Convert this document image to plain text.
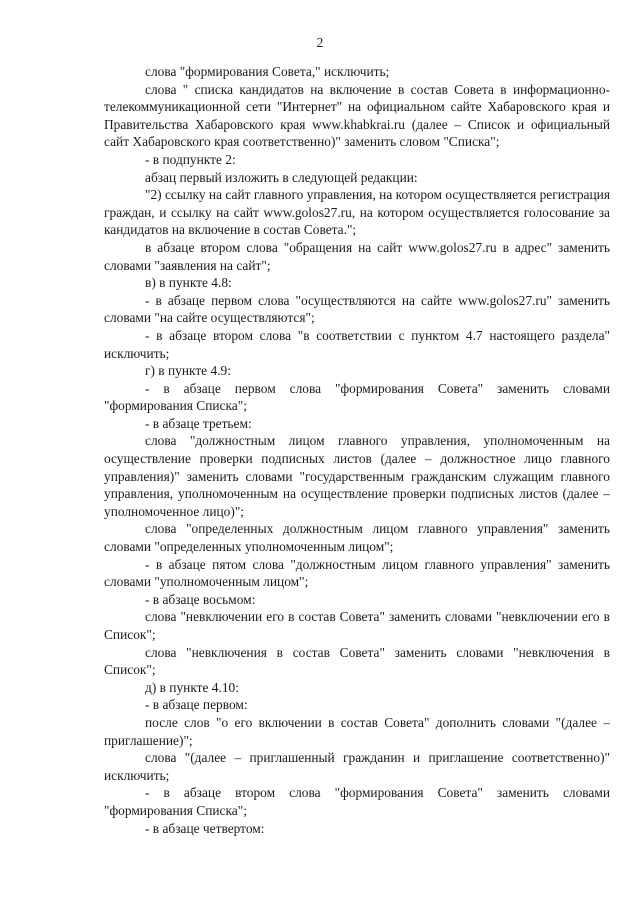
2

слова "формирования Совета," исключить;

слова " списка кандидатов на включение в состав Совета в информационно-телекоммуникационной сети "Интернет" на официальном сайте Хабаровского края и Правительства Хабаровского края www.khabkrai.ru (далее – Список и официальный сайт Хабаровского края соответственно)" заменить словом "Списка";

- в подпункте 2:

абзац первый изложить в следующей редакции:

"2) ссылку на сайт главного управления, на котором осуществляется регистрация граждан, и ссылку на сайт www.golos27.ru, на котором осуществляется голосование за кандидатов на включение в состав Совета.";

в абзаце втором слова "обращения на сайт www.golos27.ru в адрес" заменить словами "заявления на сайт";

в) в пункте 4.8:

- в абзаце первом слова "осуществляются на сайте www.golos27.ru" заменить словами "на сайте осуществляются";

- в абзаце втором слова "в соответствии с пунктом 4.7 настоящего раздела" исключить;

г) в пункте 4.9:

- в абзаце первом слова "формирования Совета" заменить словами "формирования Списка";

- в абзаце третьем:

слова "должностным лицом главного управления, уполномоченным на осуществление проверки подписных листов (далее – должностное лицо главного управления)" заменить словами "государственным гражданским служащим главного управления, уполномоченным на осуществление проверки подписных листов (далее – уполномоченное лицо)";

слова "определенных должностным лицом главного управления" заменить словами "определенных уполномоченным лицом";

- в абзаце пятом слова "должностным лицом главного управления" заменить словами "уполномоченным лицом";

- в абзаце восьмом:

слова "невключении его в состав Совета" заменить словами "невключении его в Список";

слова "невключения в состав Совета" заменить словами "невключения в Список";

д) в пункте 4.10:

- в абзаце первом:

после слов "о его включении в состав Совета" дополнить словами "(далее – приглашение)";

слова "(далее – приглашенный гражданин и приглашение соответственно)" исключить;

- в абзаце втором слова "формирования Совета" заменить словами "формирования Списка";

- в абзаце четвертом:
